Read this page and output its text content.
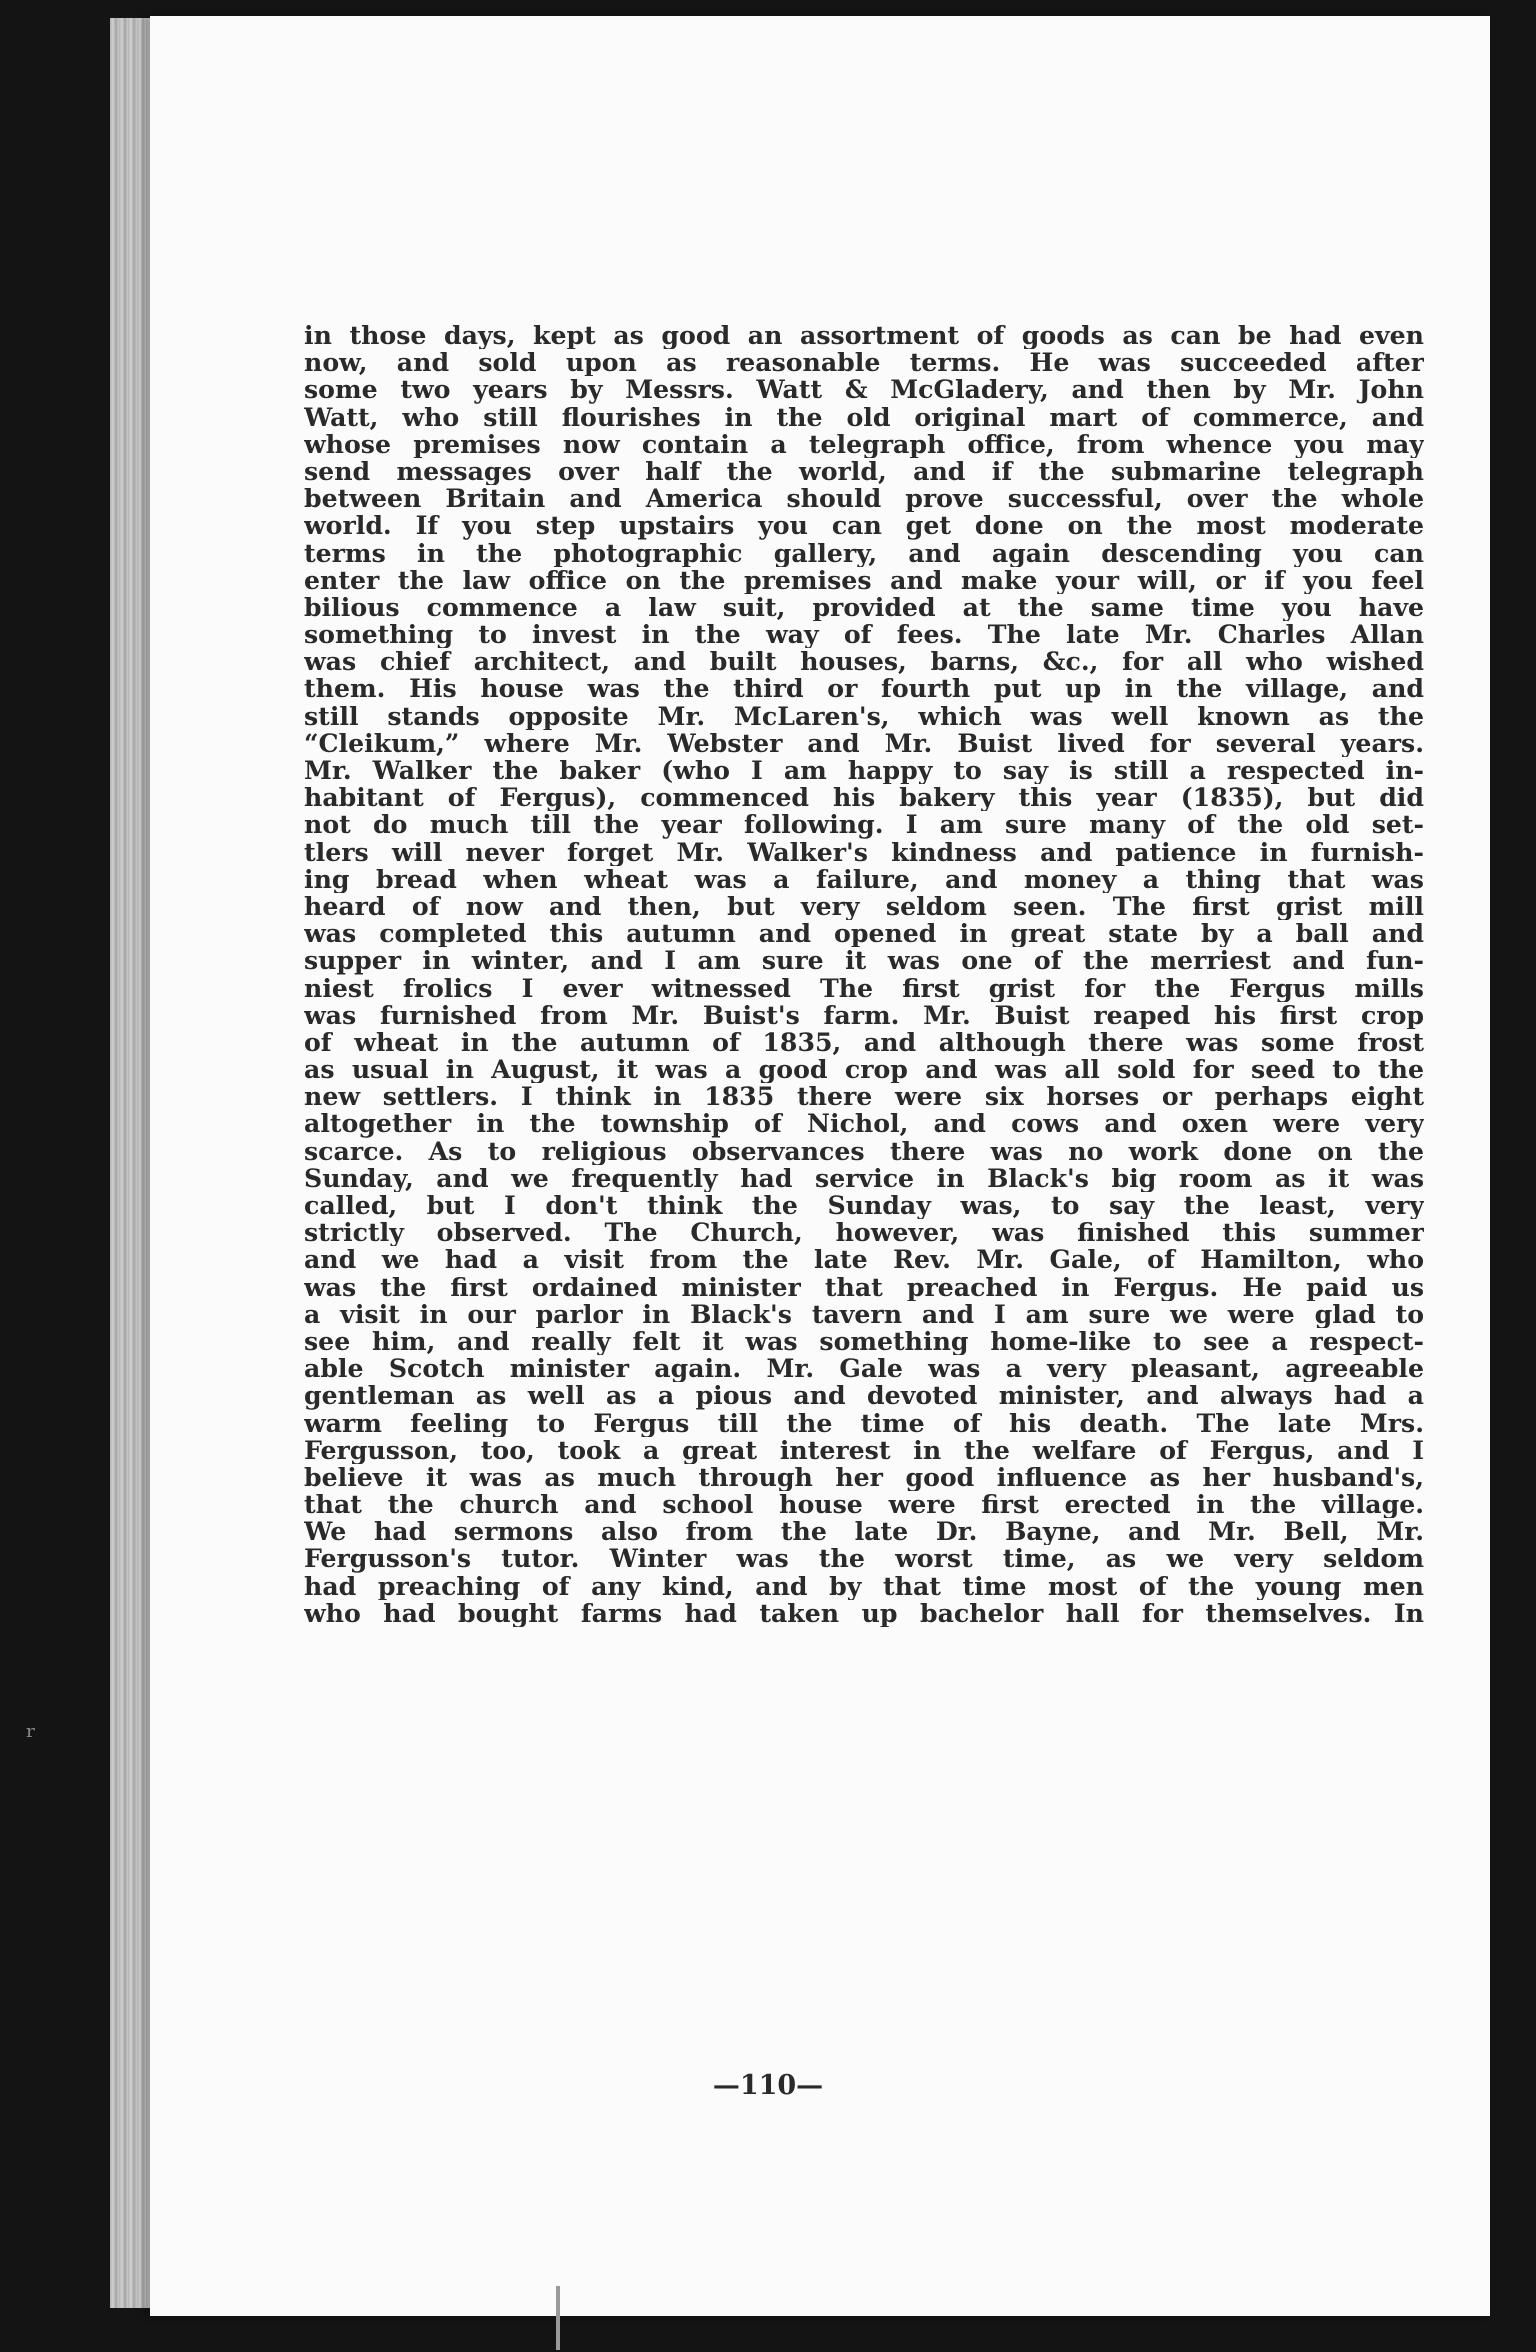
ʳ
in those days, kept as good an assortment of goods as can be had even
now, and sold upon as reasonable terms. He was succeeded after
some two years by Messrs. Watt & McGladery, and then by Mr. John
Watt, who still flourishes in the old original mart of commerce, and
whose premises now contain a telegraph office, from whence you may
send messages over half the world, and if the submarine telegraph
between Britain and America should prove successful, over the whole
world. If you step upstairs you can get done on the most moderate
terms in the photographic gallery, and again descending you can
enter the law office on the premises and make your will, or if you feel
bilious commence a law suit, provided at the same time you have
something to invest in the way of fees. The late Mr. Charles Allan
was chief architect, and built houses, barns, &c., for all who wished
them. His house was the third or fourth put up in the village, and
still stands opposite Mr. McLaren's, which was well known as the
“Cleikum,” where Mr. Webster and Mr. Buist lived for several years.
Mr. Walker the baker (who I am happy to say is still a respected in-
habitant of Fergus), commenced his bakery this year (1835), but did
not do much till the year following. I am sure many of the old set-
tlers will never forget Mr. Walker's kindness and patience in furnish-
ing bread when wheat was a failure, and money a thing that was
heard of now and then, but very seldom seen. The first grist mill
was completed this autumn and opened in great state by a ball and
supper in winter, and I am sure it was one of the merriest and fun-
niest frolics I ever witnessed The first grist for the Fergus mills
was furnished from Mr. Buist's farm. Mr. Buist reaped his first crop
of wheat in the autumn of 1835, and although there was some frost
as usual in August, it was a good crop and was all sold for seed to the
new settlers. I think in 1835 there were six horses or perhaps eight
altogether in the township of Nichol, and cows and oxen were very
scarce. As to religious observances there was no work done on the
Sunday, and we frequently had service in Black's big room as it was
called, but I don't think the Sunday was, to say the least, very
strictly observed. The Church, however, was finished this summer
and we had a visit from the late Rev. Mr. Gale, of Hamilton, who
was the first ordained minister that preached in Fergus. He paid us
a visit in our parlor in Black's tavern and I am sure we were glad to
see him, and really felt it was something home-like to see a respect-
able Scotch minister again. Mr. Gale was a very pleasant, agreeable
gentleman as well as a pious and devoted minister, and always had a
warm feeling to Fergus till the time of his death. The late Mrs.
Fergusson, too, took a great interest in the welfare of Fergus, and I
believe it was as much through her good influence as her husband's,
that the church and school house were first erected in the village.
We had sermons also from the late Dr. Bayne, and Mr. Bell, Mr.
Fergusson's tutor. Winter was the worst time, as we very seldom
had preaching of any kind, and by that time most of the young men
who had bought farms had taken up bachelor hall for themselves. In
—110—
